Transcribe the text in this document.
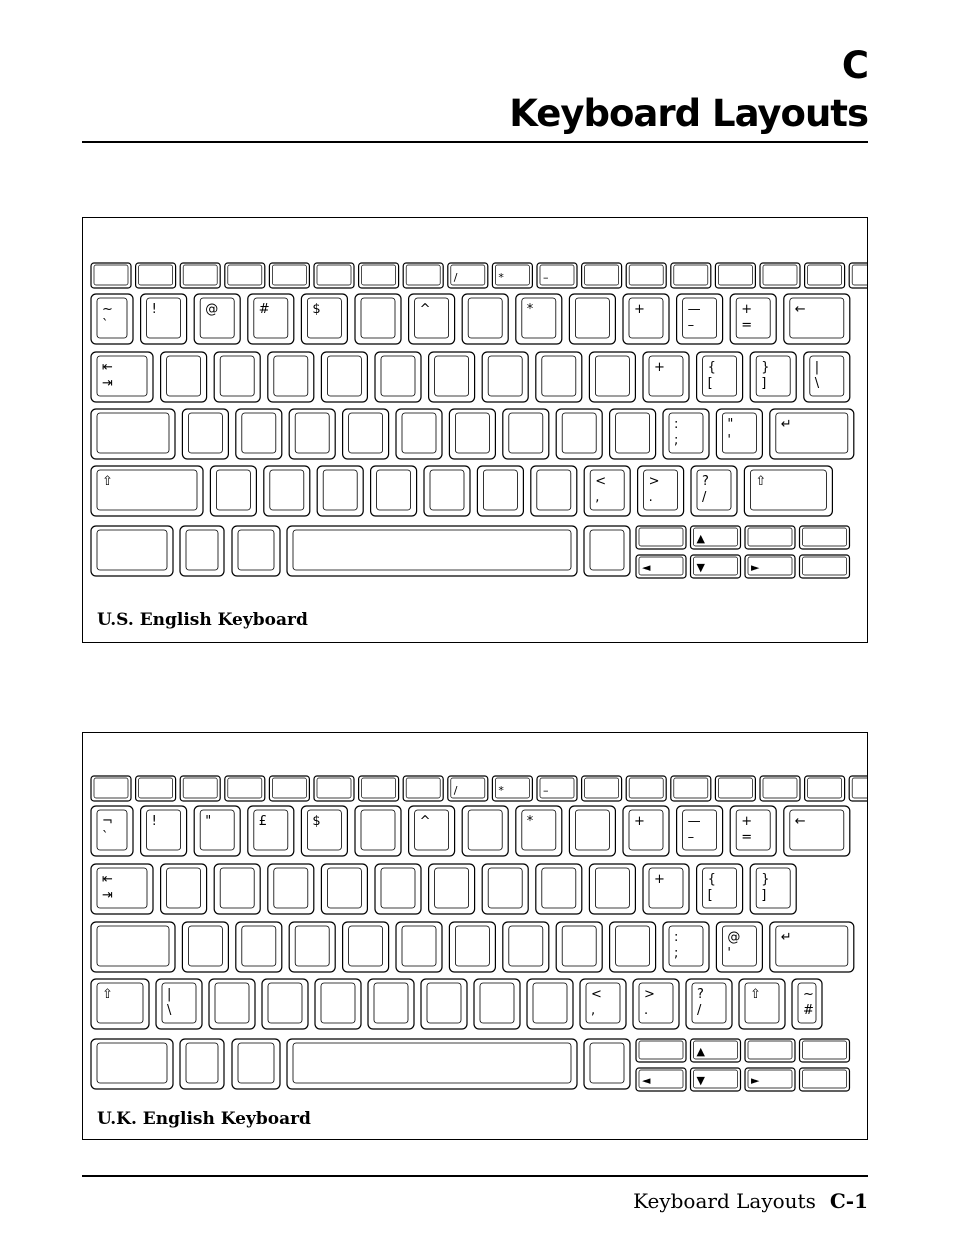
C
Keyboard Layouts
/	*	–
~
`
!	@	#	$	^	*	+	—
–
+
=
←
⇤
⇥
+	{
[
}
]
|
\
:
;
"
'
↵
⇧	<
,
>
.
?
/
⇧
▲
◄	▼	►
U.S. English Keyboard
/	*	–
¬
`
!	"	£	$	^	*	+	—
–
+
=
←
⇤
⇥
+	{
[
}
]
:
;
@
'
↵
⇧	|
\
<
,
>
.
?
/
⇧	~
#
▲
◄	▼	►
U.K. English Keyboard
Keyboard Layouts C-1
